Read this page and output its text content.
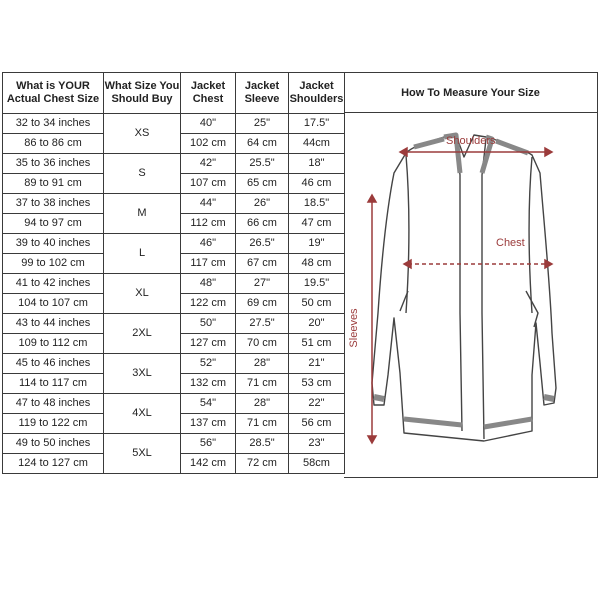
What is YOUR Actual Chest Size	What Size You Should Buy	Jacket Chest	Jacket Sleeve	Jacket Shoulders
32 to 34 inches	XS	40"	25"	17.5"
86 to 86 cm		102 cm	64 cm	44cm
35 to 36 inches	S	42"	25.5"	18"
89 to 91 cm		107 cm	65 cm	46 cm
37 to 38 inches	M	44"	26"	18.5"
94 to 97 cm		112 cm	66 cm	47 cm
39 to 40 inches	L	46"	26.5"	19"
99 to 102 cm		117 cm	67 cm	48 cm
41 to 42 inches	XL	48"	27"	19.5"
104 to 107 cm		122 cm	69 cm	50 cm
43 to 44 inches	2XL	50"	27.5"	20"
109 to 112 cm		127 cm	70 cm	51 cm
45 to 46 inches	3XL	52"	28"	21"
114 to 117 cm		132 cm	71 cm	53 cm
47 to 48 inches	4XL	54"	28"	22"
119 to 122 cm		137 cm	71 cm	56 cm
49 to 50 inches	5XL	56"	28.5"	23"
124 to 127 cm		142 cm	72 cm	58cm
How To Measure Your Size
Shoulders
Chest
Sleeves
